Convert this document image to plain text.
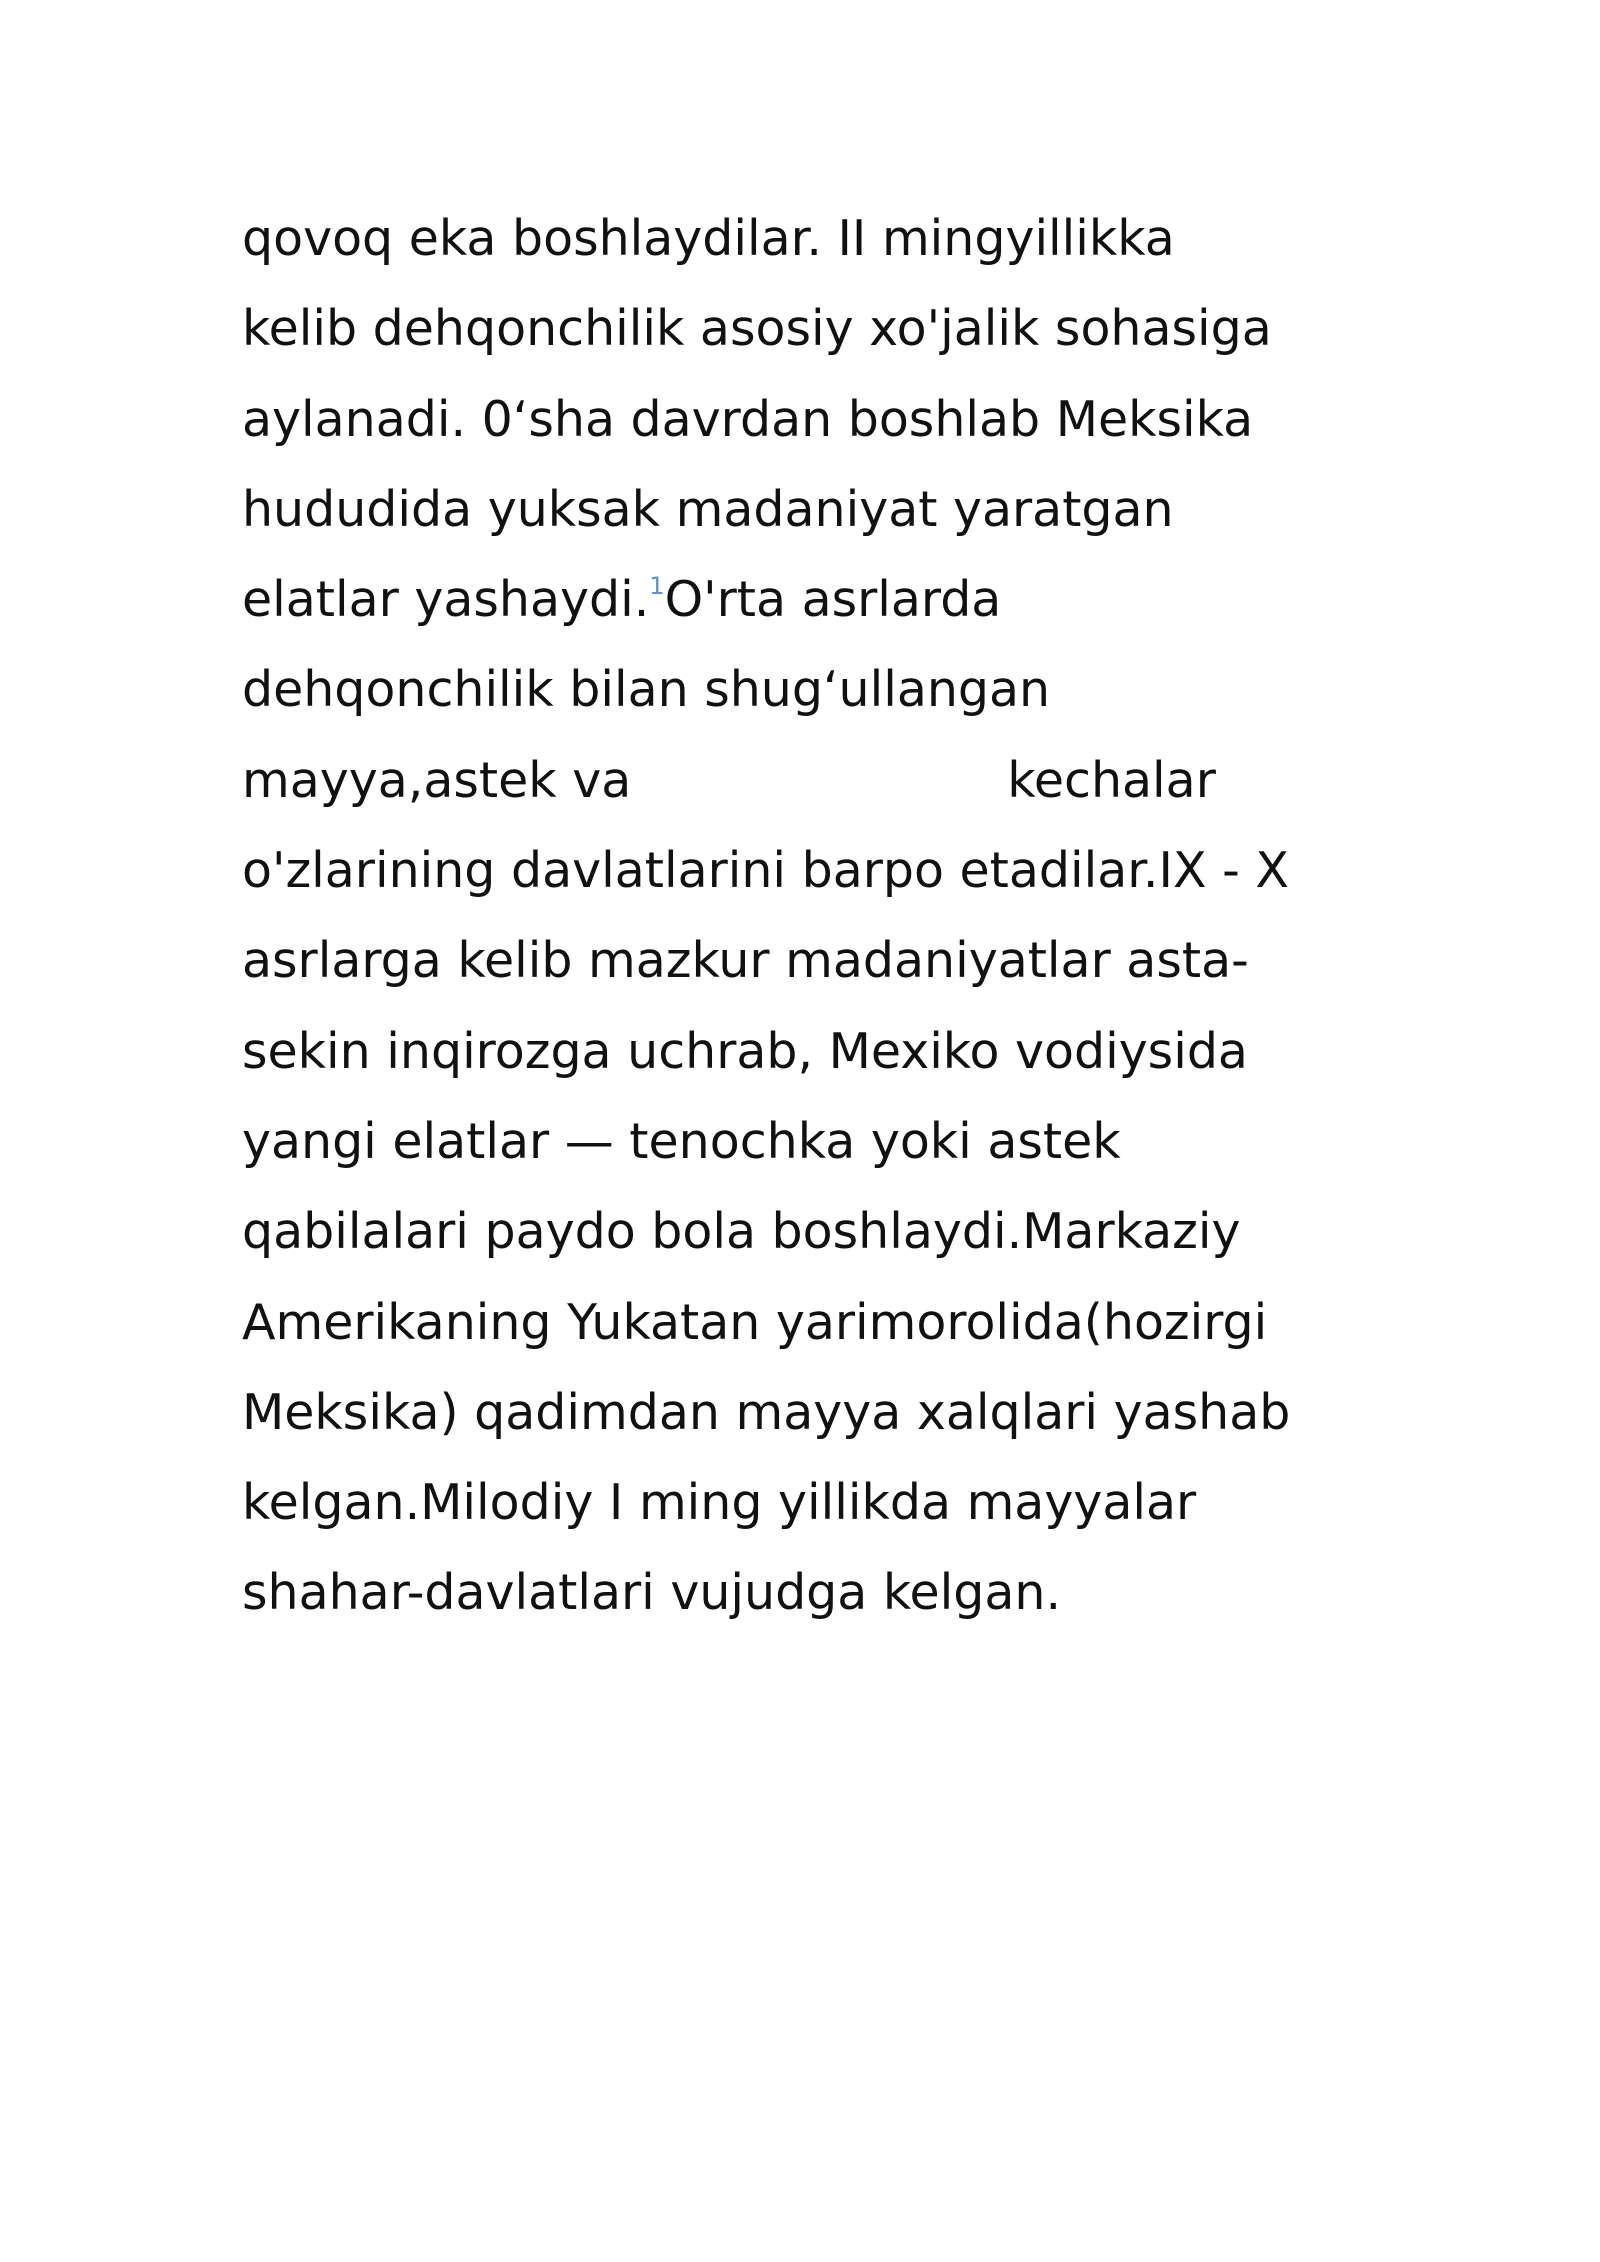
qovoq eka boshlaydilar. II mingyillikka
kelib dehqonchilik asosiy xo'jalik sohasiga
aylanadi. 0‘sha davrdan boshlab Meksika
hududida yuksak madaniyat yaratgan
elatlar yashaydi.$^1$O'rta asrlarda
dehqonchilik bilan shug‘ullangan
mayya,astek va	kechalar
o'zlarining davlatlarini barpo etadilar.IX - X
asrlarga kelib mazkur madaniyatlar asta-
sekin inqirozga uchrab, Mexiko vodiysida
yangi elatlar — tenochka yoki astek
qabilalari paydo bola boshlaydi.Markaziy
Amerikaning Yukatan yarimorolida(hozirgi
Meksika) qadimdan mayya xalqlari yashab
kelgan.Milodiy I ming yillikda mayyalar
shahar-davlatlari vujudga kelgan.
